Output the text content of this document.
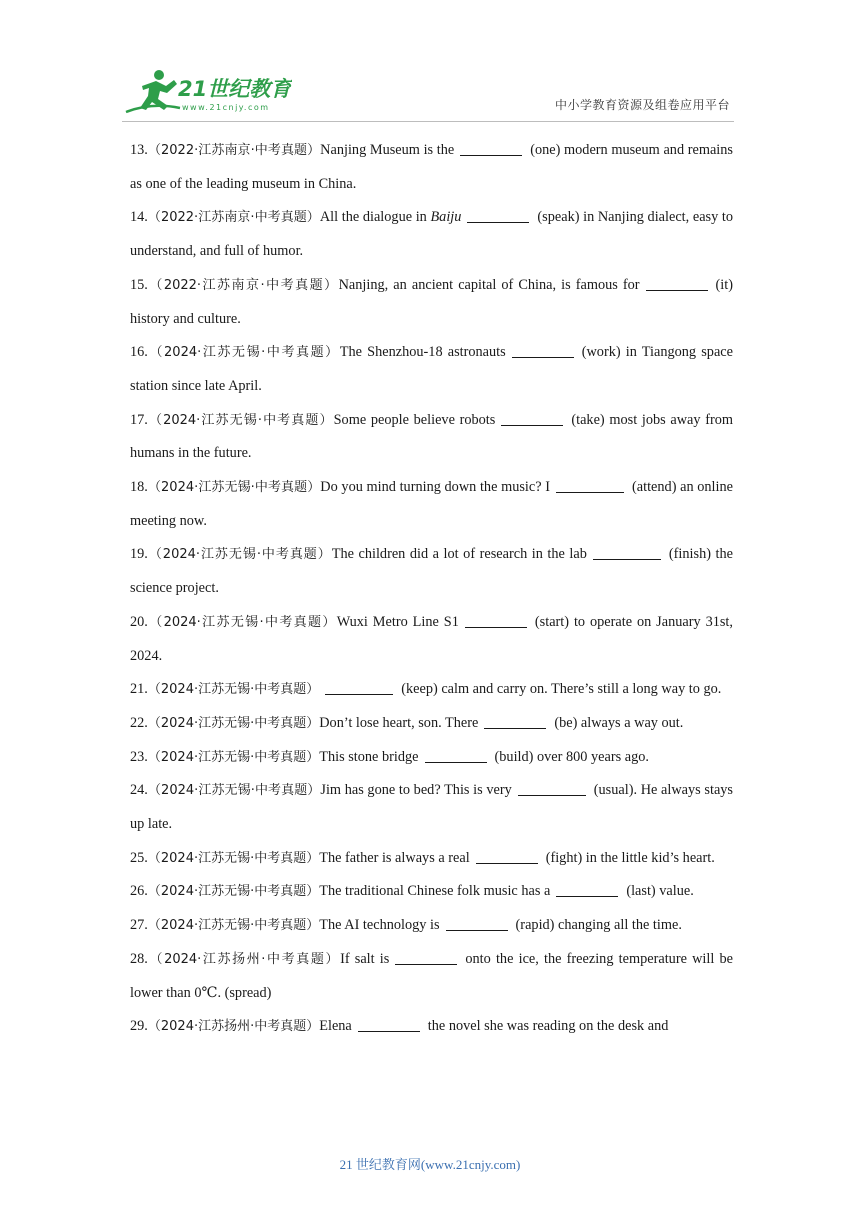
21世纪教育
www.21cnjy.com	中小学教育资源及组卷应用平台
13.（2022·江苏南京·中考真题）Nanjing Museum is the	(one) modern museum and remains as one of the leading museum in China.
14.（2022·江苏南京·中考真题）All the dialogue in Baiju	(speak) in Nanjing dialect, easy to understand, and full of humor.
15.（2022·江苏南京·中考真题）Nanjing, an ancient capital of China, is famous for	(it) history and culture.
16.（2024·江苏无锡·中考真题）The Shenzhou-18 astronauts	(work) in Tiangong space station since late April.
17.（2024·江苏无锡·中考真题）Some people believe robots	(take) most jobs away from humans in the future.
18.（2024·江苏无锡·中考真题）Do you mind turning down the music? I	(attend) an online meeting now.
19.（2024·江苏无锡·中考真题）The children did a lot of research in the lab	(finish) the science project.
20.（2024·江苏无锡·中考真题）Wuxi Metro Line S1	(start) to operate on January 31st, 2024.
21.（2024·江苏无锡·中考真题）	(keep) calm and carry on. There’s still a long way to go.
22.（2024·江苏无锡·中考真题）Don’t lose heart, son. There	(be) always a way out.
23.（2024·江苏无锡·中考真题）This stone bridge	(build) over 800 years ago.
24.（2024·江苏无锡·中考真题）Jim has gone to bed? This is very	(usual). He always stays up late.
25.（2024·江苏无锡·中考真题）The father is always a real	(fight) in the little kid’s heart.
26.（2024·江苏无锡·中考真题）The traditional Chinese folk music has a	(last) value.
27.（2024·江苏无锡·中考真题）The AI technology is	(rapid) changing all the time.
28.（2024·江苏扬州·中考真题）If salt is	onto the ice, the freezing temperature will be lower than 0℃. (spread)
29.（2024·江苏扬州·中考真题）Elena	the novel she was reading on the desk and
21 世纪教育网(www.21cnjy.com)
